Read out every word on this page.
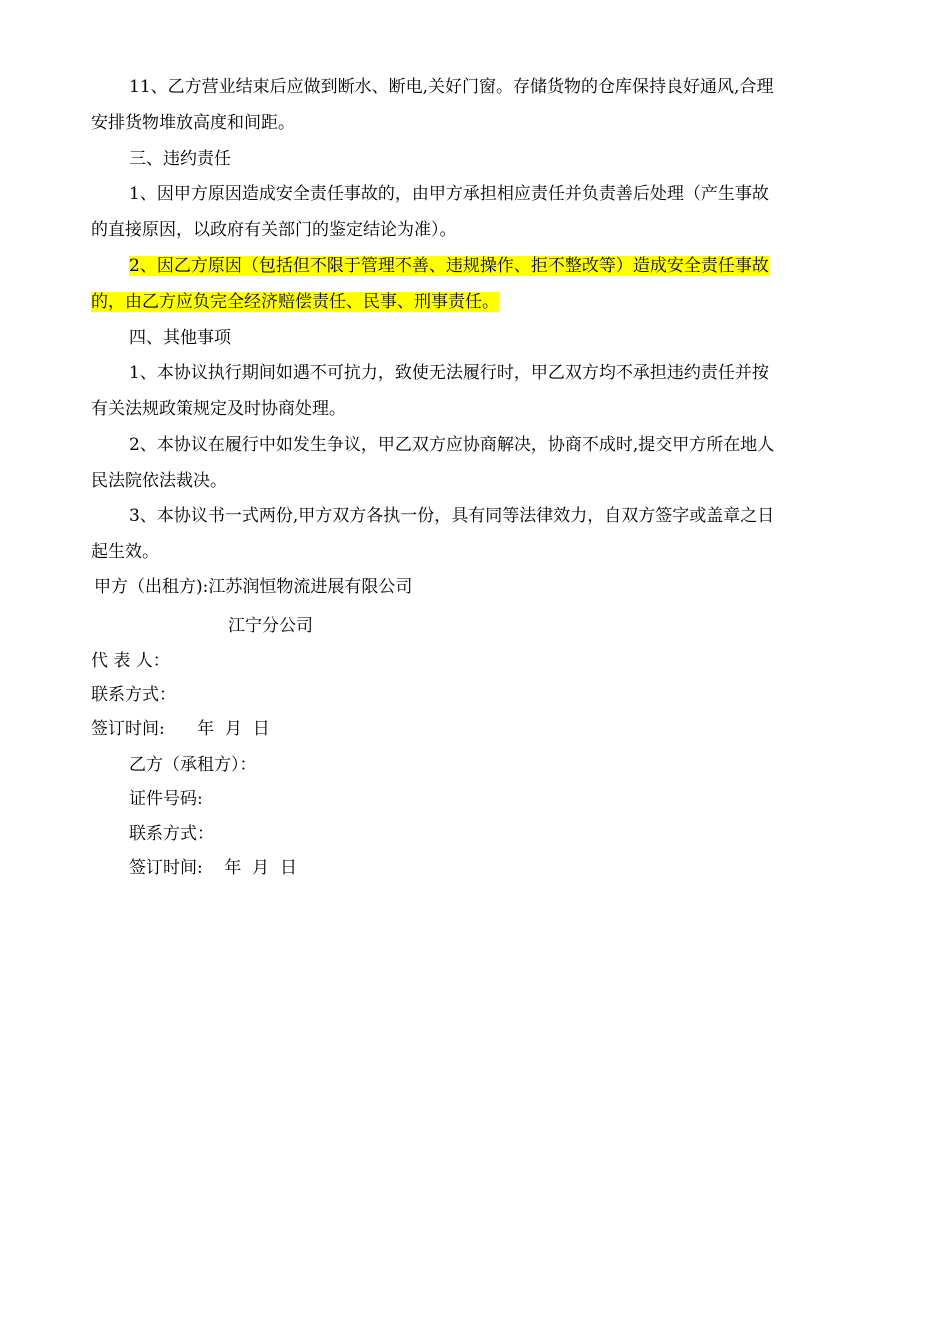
11、乙方营业结束后应做到断水、断电,关好门窗。存储货物的仓库保持良好通风,合理

安排货物堆放高度和间距。

三、违约责任

1、因甲方原因造成安全责任事故的，由甲方承担相应责任并负责善后处理（产生事故

的直接原因，以政府有关部门的鉴定结论为准）。

2、因乙方原因（包括但不限于管理不善、违规操作、拒不整改等）造成安全责任事故

的，由乙方应负完全经济赔偿责任、民事、刑事责任。

四、其他事项

1、本协议执行期间如遇不可抗力，致使无法履行时，甲乙双方均不承担违约责任并按

有关法规政策规定及时协商处理。

2、本协议在履行中如发生争议，甲乙双方应协商解决，协商不成时,提交甲方所在地人

民法院依法裁决。

3、本协议书一式两份,甲方双方各执一份，具有同等法律效力，自双方签字或盖章之日

起生效。

甲方（出租方):江苏润恒物流进展有限公司

江宁分公司

代 表 人：

联系方式：

签订时间:      年  月  日

乙方（承租方）：

证件号码:

联系方式：

签订时间:    年  月  日
